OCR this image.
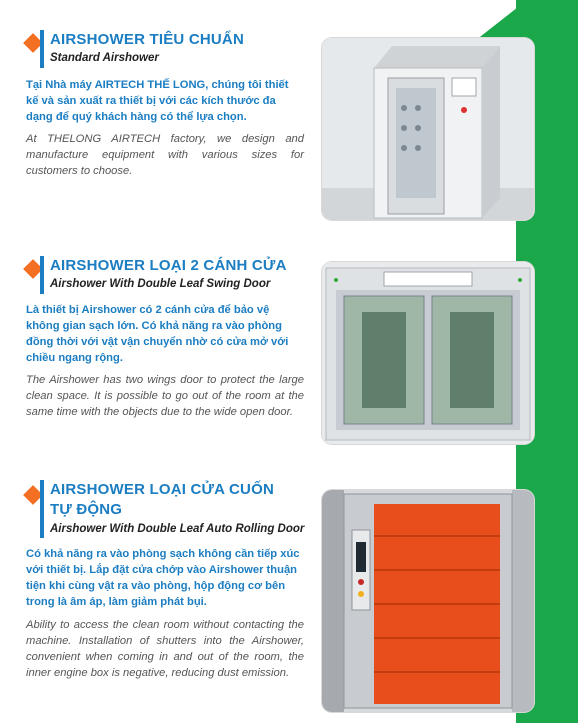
AIRSHOWER TIÊU CHUẨN
Standard Airshower
Tại Nhà máy AIRTECH THẾ LONG, chúng tôi thiết kế và sản xuất ra thiết bị với các kích thước đa dạng để quý khách hàng có thể lựa chọn.
At THELONG AIRTECH factory, we design and manufacture equipment with various sizes for customers to choose.
AIRSHOWER LOẠI 2 CÁNH CỬA
Airshower With Double Leaf Swing Door
Là thiết bị Airshower có 2 cánh cửa để bảo vệ không gian sạch lớn. Có khả năng ra vào phòng đồng thời với vật vận chuyển nhờ có cửa mở với chiều ngang rộng.
The Airshower has two wings door to protect the large clean space. It is possible to go out of the room at the same time with the objects due to the wide open door.
AIRSHOWER LOẠI CỬA CUỐN
TỰ ĐỘNG
Airshower With Double Leaf Auto Rolling Door
Có khả năng ra vào phòng sạch không cần tiếp xúc với thiết bị. Lắp đặt cửa chớp vào Airshower thuận tiện khi cùng vật ra vào phòng, hộp động cơ bên trong là âm áp, làm giảm phát bụi.
Ability to access the clean room without contacting the machine. Installation of shutters into the Airshower, convenient when coming in and out of the room, the inner engine box is negative, reducing dust emission.
